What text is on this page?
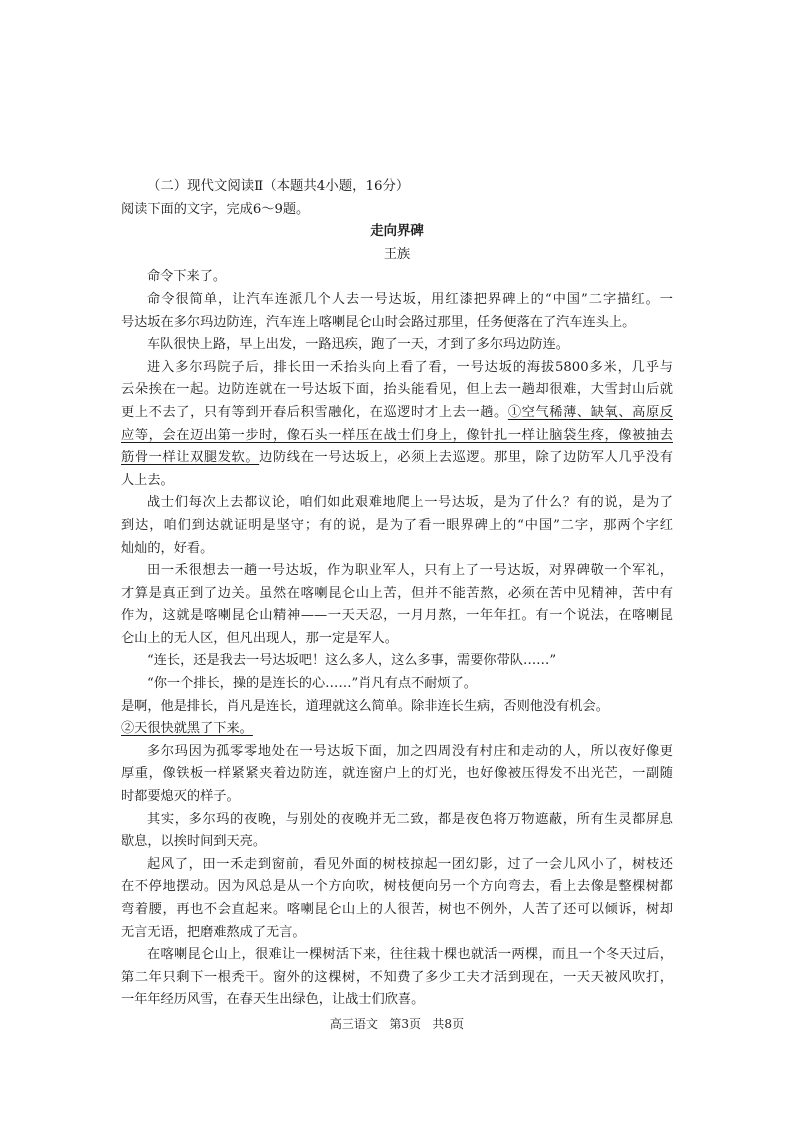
（二）现代文阅读Ⅱ（本题共4小题，16分）
阅读下面的文字，完成6～9题。
走向界碑
王族
命令下来了。
命令很简单，让汽车连派几个人去一号达坂，用红漆把界碑上的“中国”二字描红。一
号达坂在多尔玛边防连，汽车连上喀喇昆仑山时会路过那里，任务便落在了汽车连头上。
车队很快上路，早上出发，一路迅疾，跑了一天，才到了多尔玛边防连。
进入多尔玛院子后，排长田一禾抬头向上看了看，一号达坂的海拔5800多米，几乎与
云朵挨在一起。边防连就在一号达坂下面，抬头能看见，但上去一趟却很难，大雪封山后就
更上不去了，只有等到开春后积雪融化，在巡逻时才上去一趟。①空气稀薄、缺氧、高原反
应等，会在迈出第一步时，像石头一样压在战士们身上，像针扎一样让脑袋生疼，像被抽去
筋骨一样让双腿发软。边防线在一号达坂上，必须上去巡逻。那里，除了边防军人几乎没有
人上去。
战士们每次上去都议论，咱们如此艰难地爬上一号达坂，是为了什么？有的说，是为了
到达，咱们到达就证明是坚守；有的说，是为了看一眼界碑上的“中国”二字，那两个字红
灿灿的，好看。
田一禾很想去一趟一号达坂，作为职业军人，只有上了一号达坂，对界碑敬一个军礼，
才算是真正到了边关。虽然在喀喇昆仑山上苦，但并不能苦熬，必须在苦中见精神，苦中有
作为，这就是喀喇昆仑山精神——一天天忍，一月月熬，一年年扛。有一个说法，在喀喇昆
仑山上的无人区，但凡出现人，那一定是军人。
“连长，还是我去一号达坂吧！这么多人，这么多事，需要你带队……”
“你一个排长，操的是连长的心……”肖凡有点不耐烦了。
是啊，他是排长，肖凡是连长，道理就这么简单。除非连长生病，否则他没有机会。
②天很快就黑了下来。
多尔玛因为孤零零地处在一号达坂下面，加之四周没有村庄和走动的人，所以夜好像更
厚重，像铁板一样紧紧夹着边防连，就连窗户上的灯光，也好像被压得发不出光芒，一副随
时都要熄灭的样子。
其实，多尔玛的夜晚，与别处的夜晚并无二致，都是夜色将万物遮蔽，所有生灵都屏息
歇息，以挨时间到天亮。
起风了，田一禾走到窗前，看见外面的树枝掠起一团幻影，过了一会儿风小了，树枝还
在不停地摆动。因为风总是从一个方向吹，树枝便向另一个方向弯去，看上去像是整棵树都
弯着腰，再也不会直起来。喀喇昆仑山上的人很苦，树也不例外，人苦了还可以倾诉，树却
无言无语，把磨难熬成了无言。
在喀喇昆仑山上，很难让一棵树活下来，往往栽十棵也就活一两棵，而且一个冬天过后，
第二年只剩下一根秃干。窗外的这棵树，不知费了多少工夫才活到现在，一天天被风吹打，
一年年经历风雪，在春天生出绿色，让战士们欣喜。
高三语文   第3页   共8页
